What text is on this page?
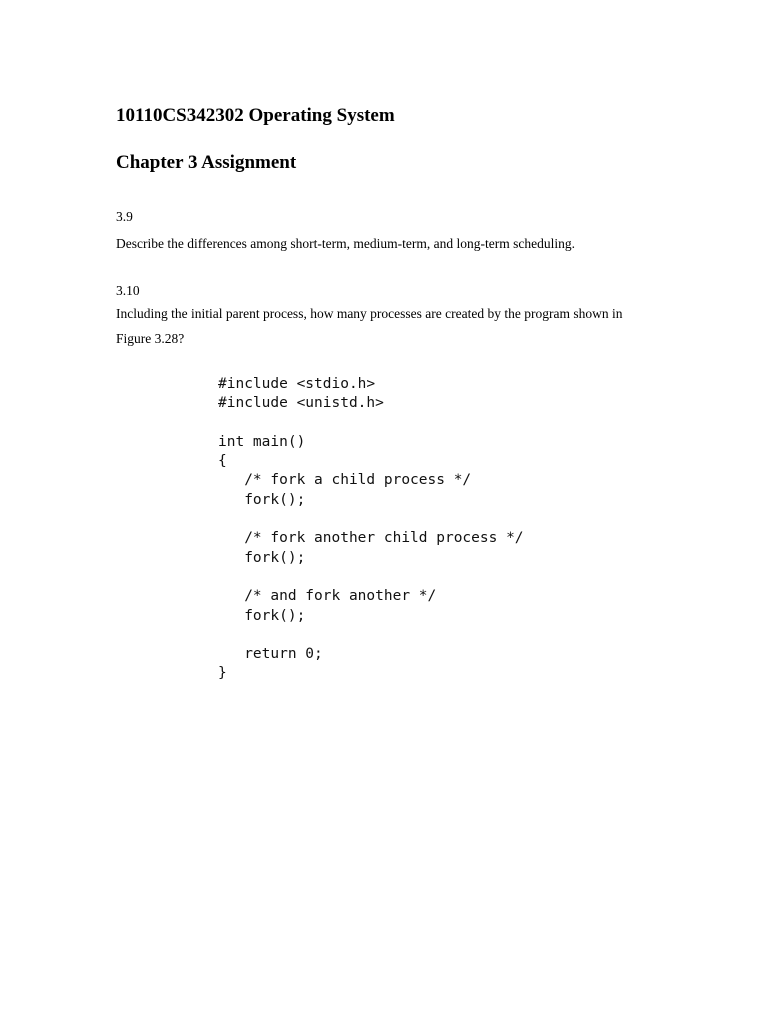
10110CS342302 Operating System
Chapter 3 Assignment

3.9

Describe the differences among short-term, medium-term, and long-term scheduling.

3.10

Including the initial parent process, how many processes are created by the program shown in Figure 3.28?

#include <stdio.h>
#include <unistd.h>
int main()
{
/* fork a child process */
fork();
/* fork another child process */
fork();
/* and fork another */
fork();
return 0;
}
